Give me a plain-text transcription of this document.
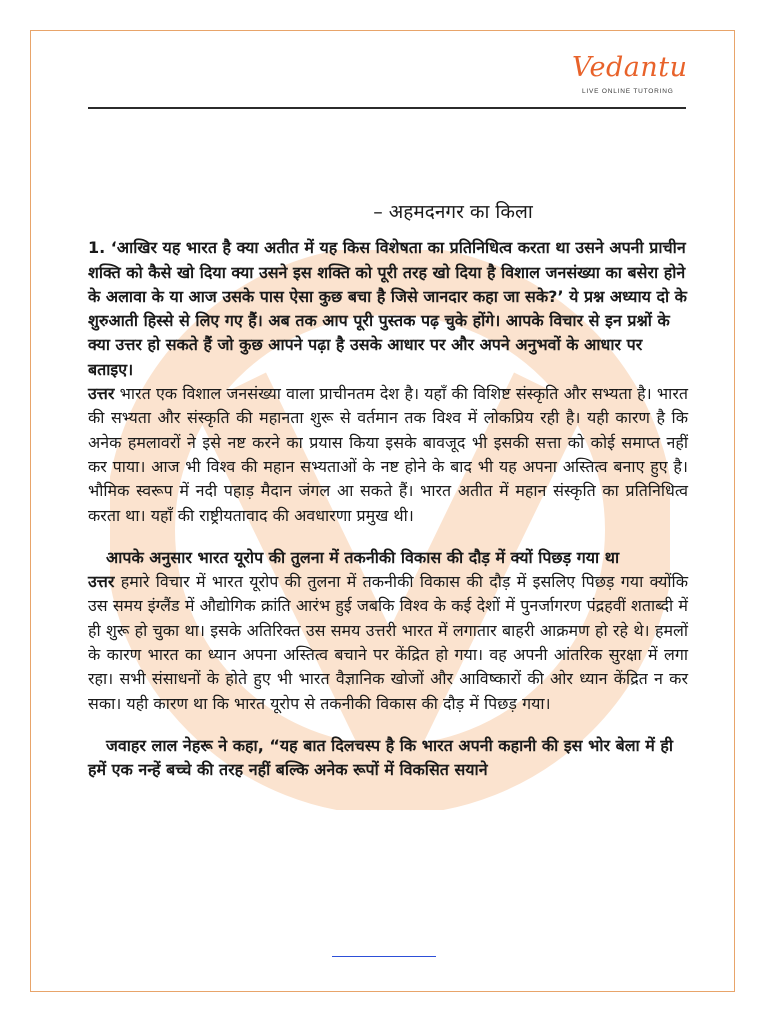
Vedantu
LIVE ONLINE TUTORING

– अहमदनगर का किला

1. ‘आखिर यह भारत है क्या अतीत में यह किस विशेषता का प्रतिनिधित्व करता था उसने अपनी प्राचीन शक्ति को कैसे खो दिया क्या उसने इस शक्ति को पूरी तरह खो दिया है विशाल जनसंख्या का बसेरा होने के अलावा के या आज उसके पास ऐसा कुछ बचा है जिसे जानदार कहा जा सके?’ ये प्रश्न अध्याय दो के शुरुआती हिस्से से लिए गए हैं। अब तक आप पूरी पुस्तक पढ़ चुके होंगे। आपके विचार से इन प्रश्नों के क्या उत्तर हो सकते हैं जो कुछ आपने पढ़ा है उसके आधार पर और अपने अनुभवों के आधार पर बताइए।

उत्तर भारत एक विशाल जनसंख्या वाला प्राचीनतम देश है। यहाँ की विशिष्ट संस्कृति और सभ्यता है। भारत की सभ्यता और संस्कृति की महानता शुरू से वर्तमान तक विश्व में लोकप्रिय रही है। यही कारण है कि अनेक हमलावरों ने इसे नष्ट करने का प्रयास किया इसके बावजूद भी इसकी सत्ता को कोई समाप्त नहीं कर पाया। आज भी विश्व की महान सभ्यताओं के नष्ट होने के बाद भी यह अपना अस्तित्व बनाए हुए है। भौमिक स्वरूप में नदी पहाड़ मैदान जंगल आ सकते हैं। भारत अतीत में महान संस्कृति का प्रतिनिधित्व करता था। यहाँ की राष्ट्रीयतावाद की अवधारणा प्रमुख थी।

आपके अनुसार भारत यूरोप की तुलना में तकनीकी विकास की दौड़ में क्यों पिछड़ गया था

उत्तर हमारे विचार में भारत यूरोप की तुलना में तकनीकी विकास की दौड़ में इसलिए पिछड़ गया क्योंकि उस समय इंग्लैंड में औद्योगिक क्रांति आरंभ हुई जबकि विश्व के कई देशों में पुनर्जागरण पंद्रहवीं शताब्दी में ही शुरू हो चुका था। इसके अतिरिक्त उस समय उत्तरी भारत में लगातार बाहरी आक्रमण हो रहे थे। हमलों के कारण भारत का ध्यान अपना अस्तित्व बचाने पर केंद्रित हो गया। वह अपनी आंतरिक सुरक्षा में लगा रहा। सभी संसाधनों के होते हुए भी भारत वैज्ञानिक खोजों और आविष्कारों की ओर ध्यान केंद्रित न कर सका। यही कारण था कि भारत यूरोप से तकनीकी विकास की दौड़ में पिछड़ गया।

जवाहर लाल नेहरू ने कहा, “यह बात दिलचस्प है कि भारत अपनी कहानी की इस भोर बेला में ही हमें एक नन्हें बच्चे की तरह नहीं बल्कि अनेक रूपों में विकसित सयाने
